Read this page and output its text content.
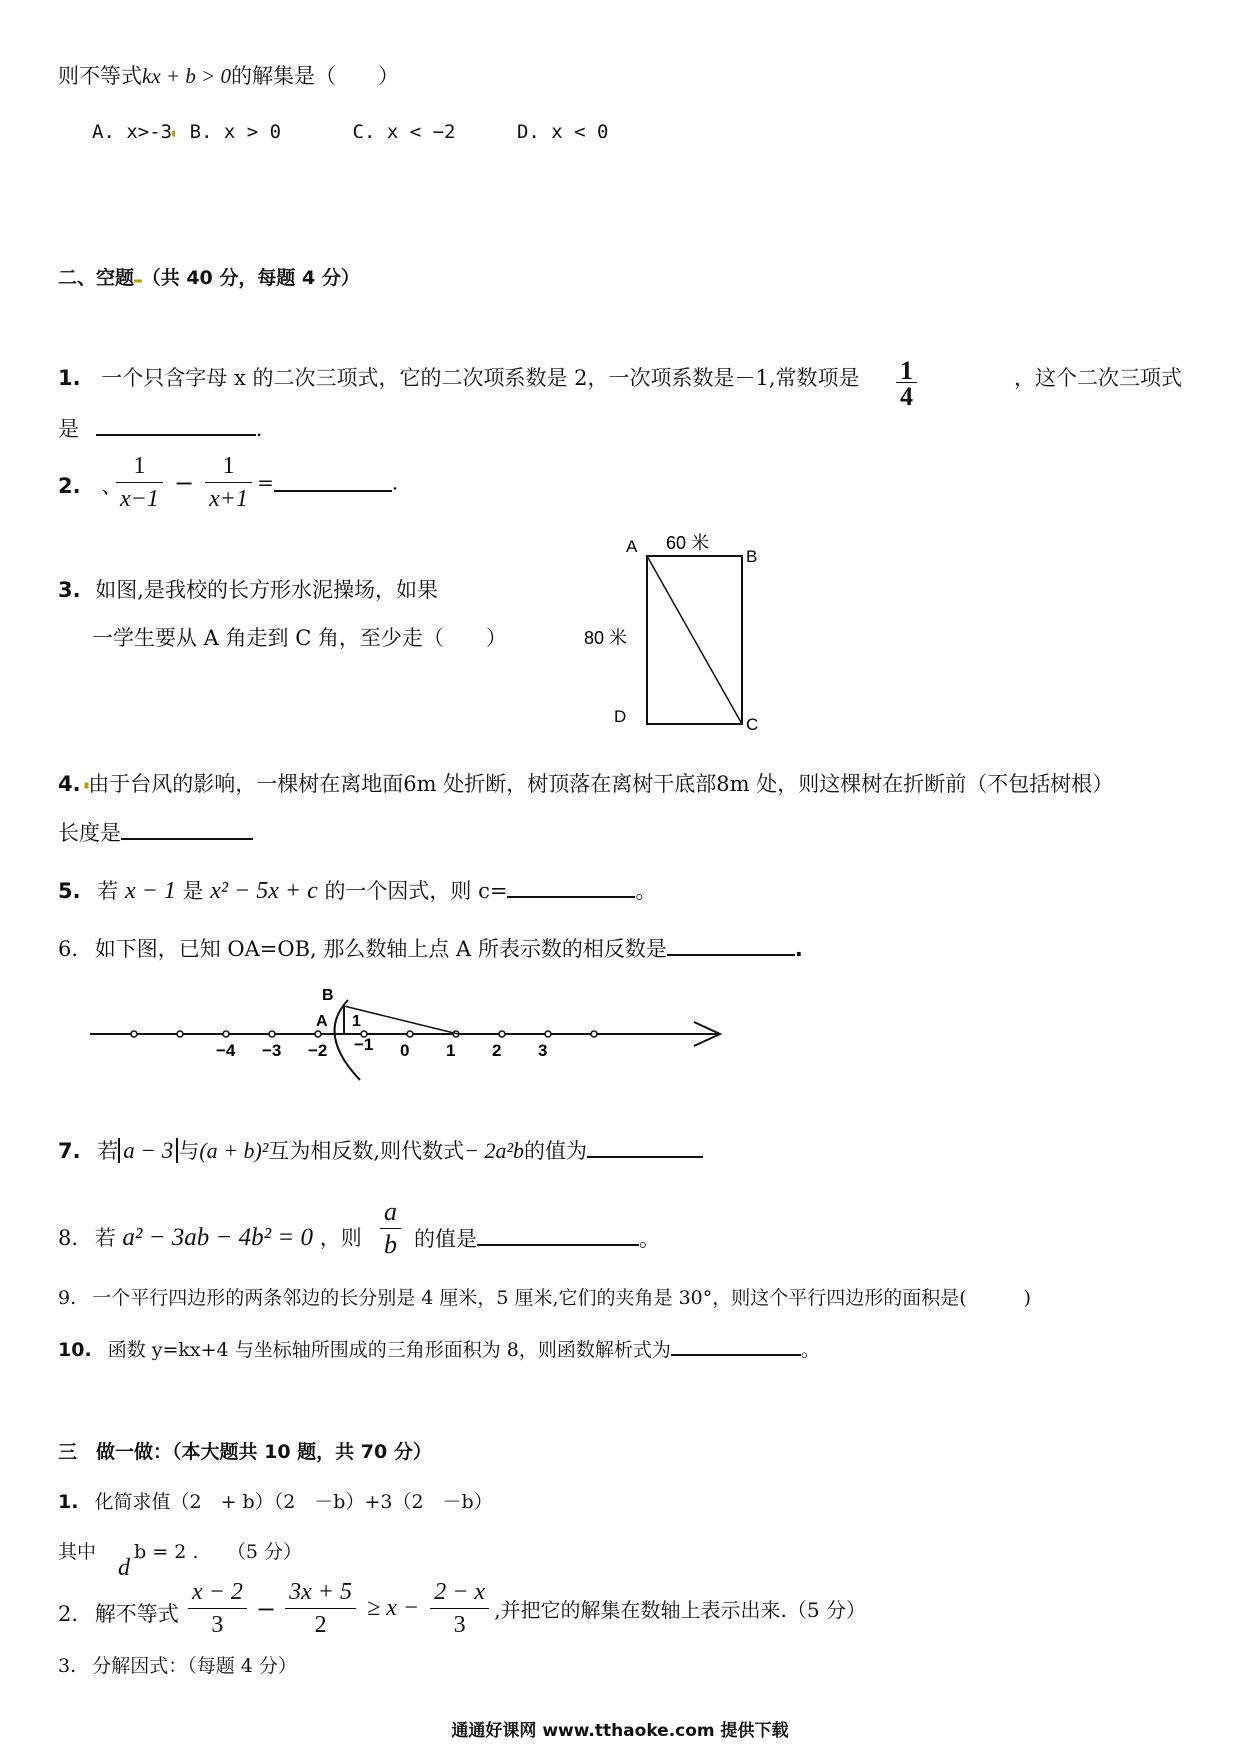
则不等式kx + b > 0的解集是（　　）
A. x>-3▖ B. x > 0	C. x < −2	D. x < 0
二、空题▂（共 40 分，每题 4 分）
1. 一个只含字母 x 的二次三项式，它的二次项系数是 2，一次项系数是－1,常数项是 $\frac{1}{4}$	，这个二次三项式
是	.
2. 、
$\frac{1}{x-1} - \frac{1}{x+1}$ =	.
3. 如图,是我校的长方形水泥操场，如果
一学生要从 A 角走到 C 角，至少走（　　）
A
B
C
D
60 米
80 米
4.▗由于台风的影响，一棵树在离地面6m 处折断，树顶落在离树干底部8m 处，则这棵树在折断前（不包括树根）
长度是
5. 若 x − 1 是 x² − 5x + c 的一个因式，则 c=	。
6. 如下图，已知 OA=OB, 那么数轴上点 A 所表示数的相反数是	.
−4 −3 −2 −1 0 1 2 3
B
A 1
7. 若 a − 3 与(a + b)²互为相反数,则代数式− 2a²b的值为
8. 若 a² − 3ab − 4b² = 0 ，则 $\frac{a}{b}$ 的值是	。
9. 一个平行四边形的两条邻边的长分别是 4 厘米，5 厘米,它们的夹角是 30°，则这个平行四边形的面积是(　　　)
10. 函数 y=kx+4 与坐标轴所围成的三角形面积为 8，则函数解析式为	。
三　做一做：（本大题共 10 题，共 70 分）
1. 化简求值（2　+ b）（2　－b）+3（2　－b）
其中 b = 2 .　　（5 分）
d
2. 解不等式 $\frac{x - 2}{3} - \frac{3x + 5}{2} \ge x - \frac{2 - x}{3}$ ,并把它的解集在数轴上表示出来.（5 分）
3. 分解因式：（每题 4 分）
通通好课网 www.tthaoke.com 提供下载
